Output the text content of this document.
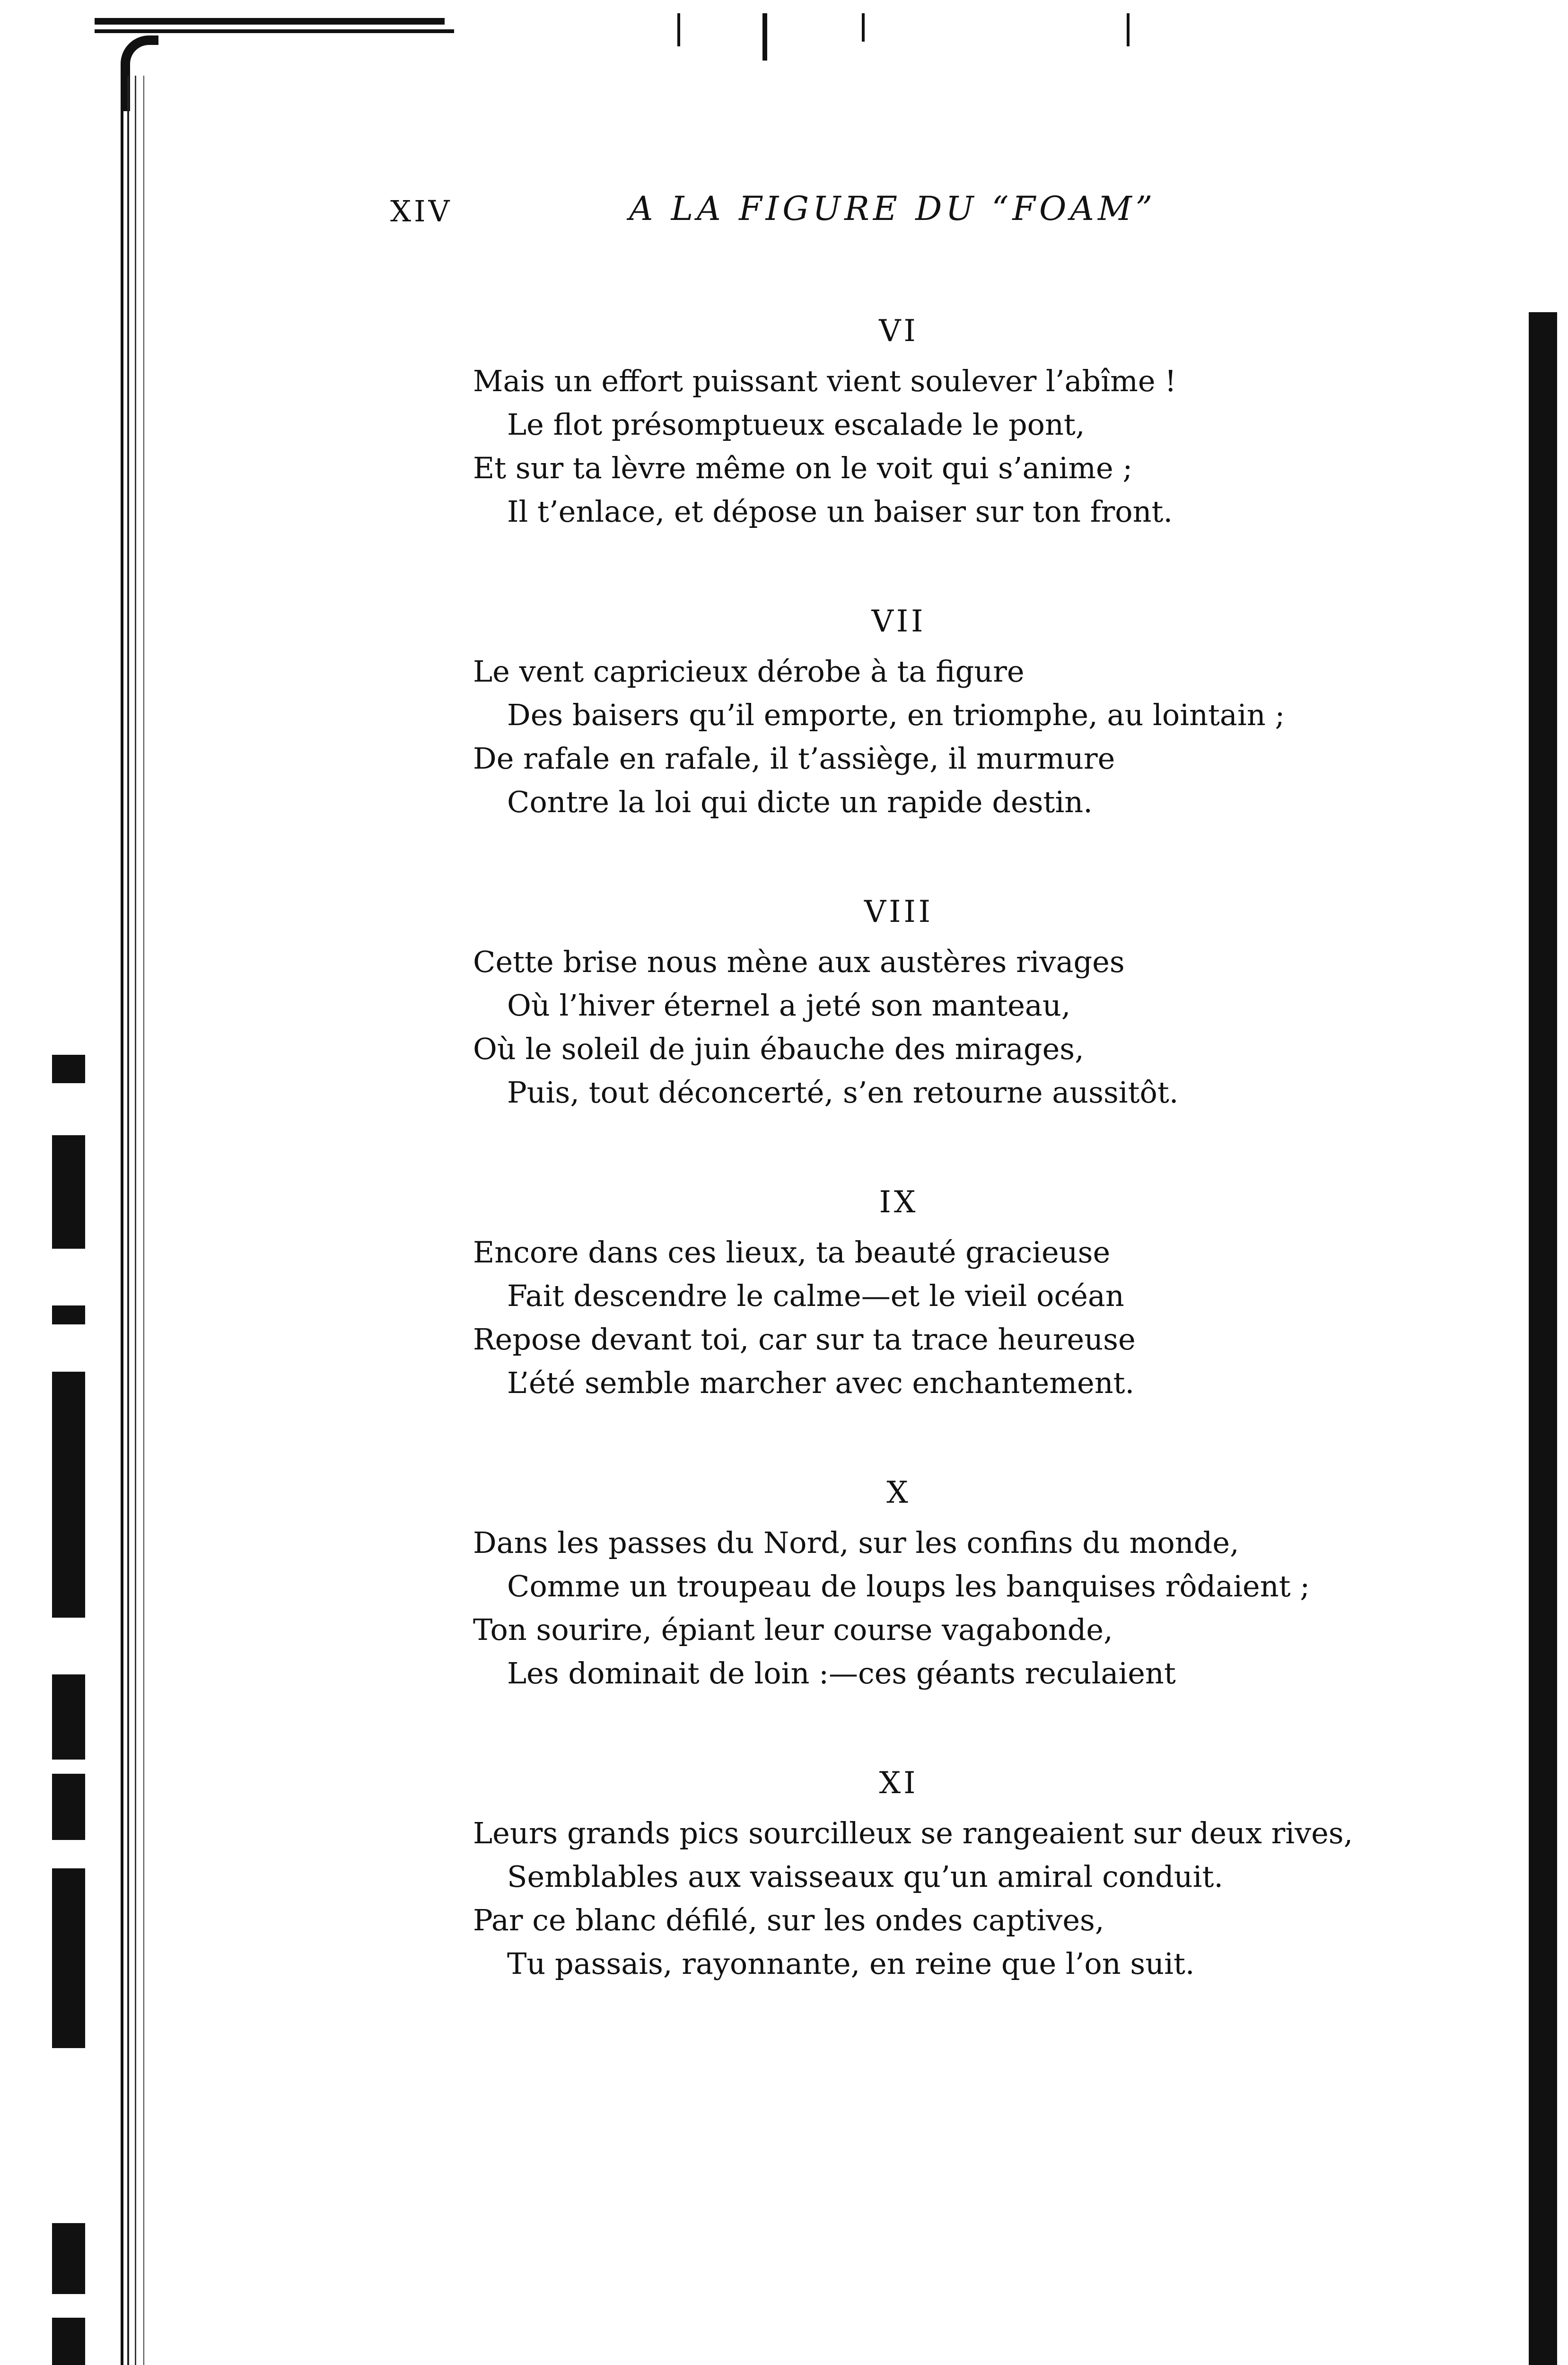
XIV	A LA FIGURE DU “FOAM”
VI
Mais un effort puissant vient soulever l’abîme !
Le flot présomptueux escalade le pont,
Et sur ta lèvre même on le voit qui s’anime ;
Il t’enlace, et dépose un baiser sur ton front.
VII
Le vent capricieux dérobe à ta figure
Des baisers qu’il emporte, en triomphe, au lointain ;
De rafale en rafale, il t’assiège, il murmure
Contre la loi qui dicte un rapide destin.
VIII
Cette brise nous mène aux austères rivages
Où l’hiver éternel a jeté son manteau,
Où le soleil de juin ébauche des mirages,
Puis, tout déconcerté, s’en retourne aussitôt.
IX
Encore dans ces lieux, ta beauté gracieuse
Fait descendre le calme—et le vieil océan
Repose devant toi, car sur ta trace heureuse
L’été semble marcher avec enchantement.
X
Dans les passes du Nord, sur les confins du monde,
Comme un troupeau de loups les banquises rôdaient ;
Ton sourire, épiant leur course vagabonde,
Les dominait de loin :—ces géants reculaient
XI
Leurs grands pics sourcilleux se rangeaient sur deux rives,
Semblables aux vaisseaux qu’un amiral conduit.
Par ce blanc défilé, sur les ondes captives,
Tu passais, rayonnante, en reine que l’on suit.
